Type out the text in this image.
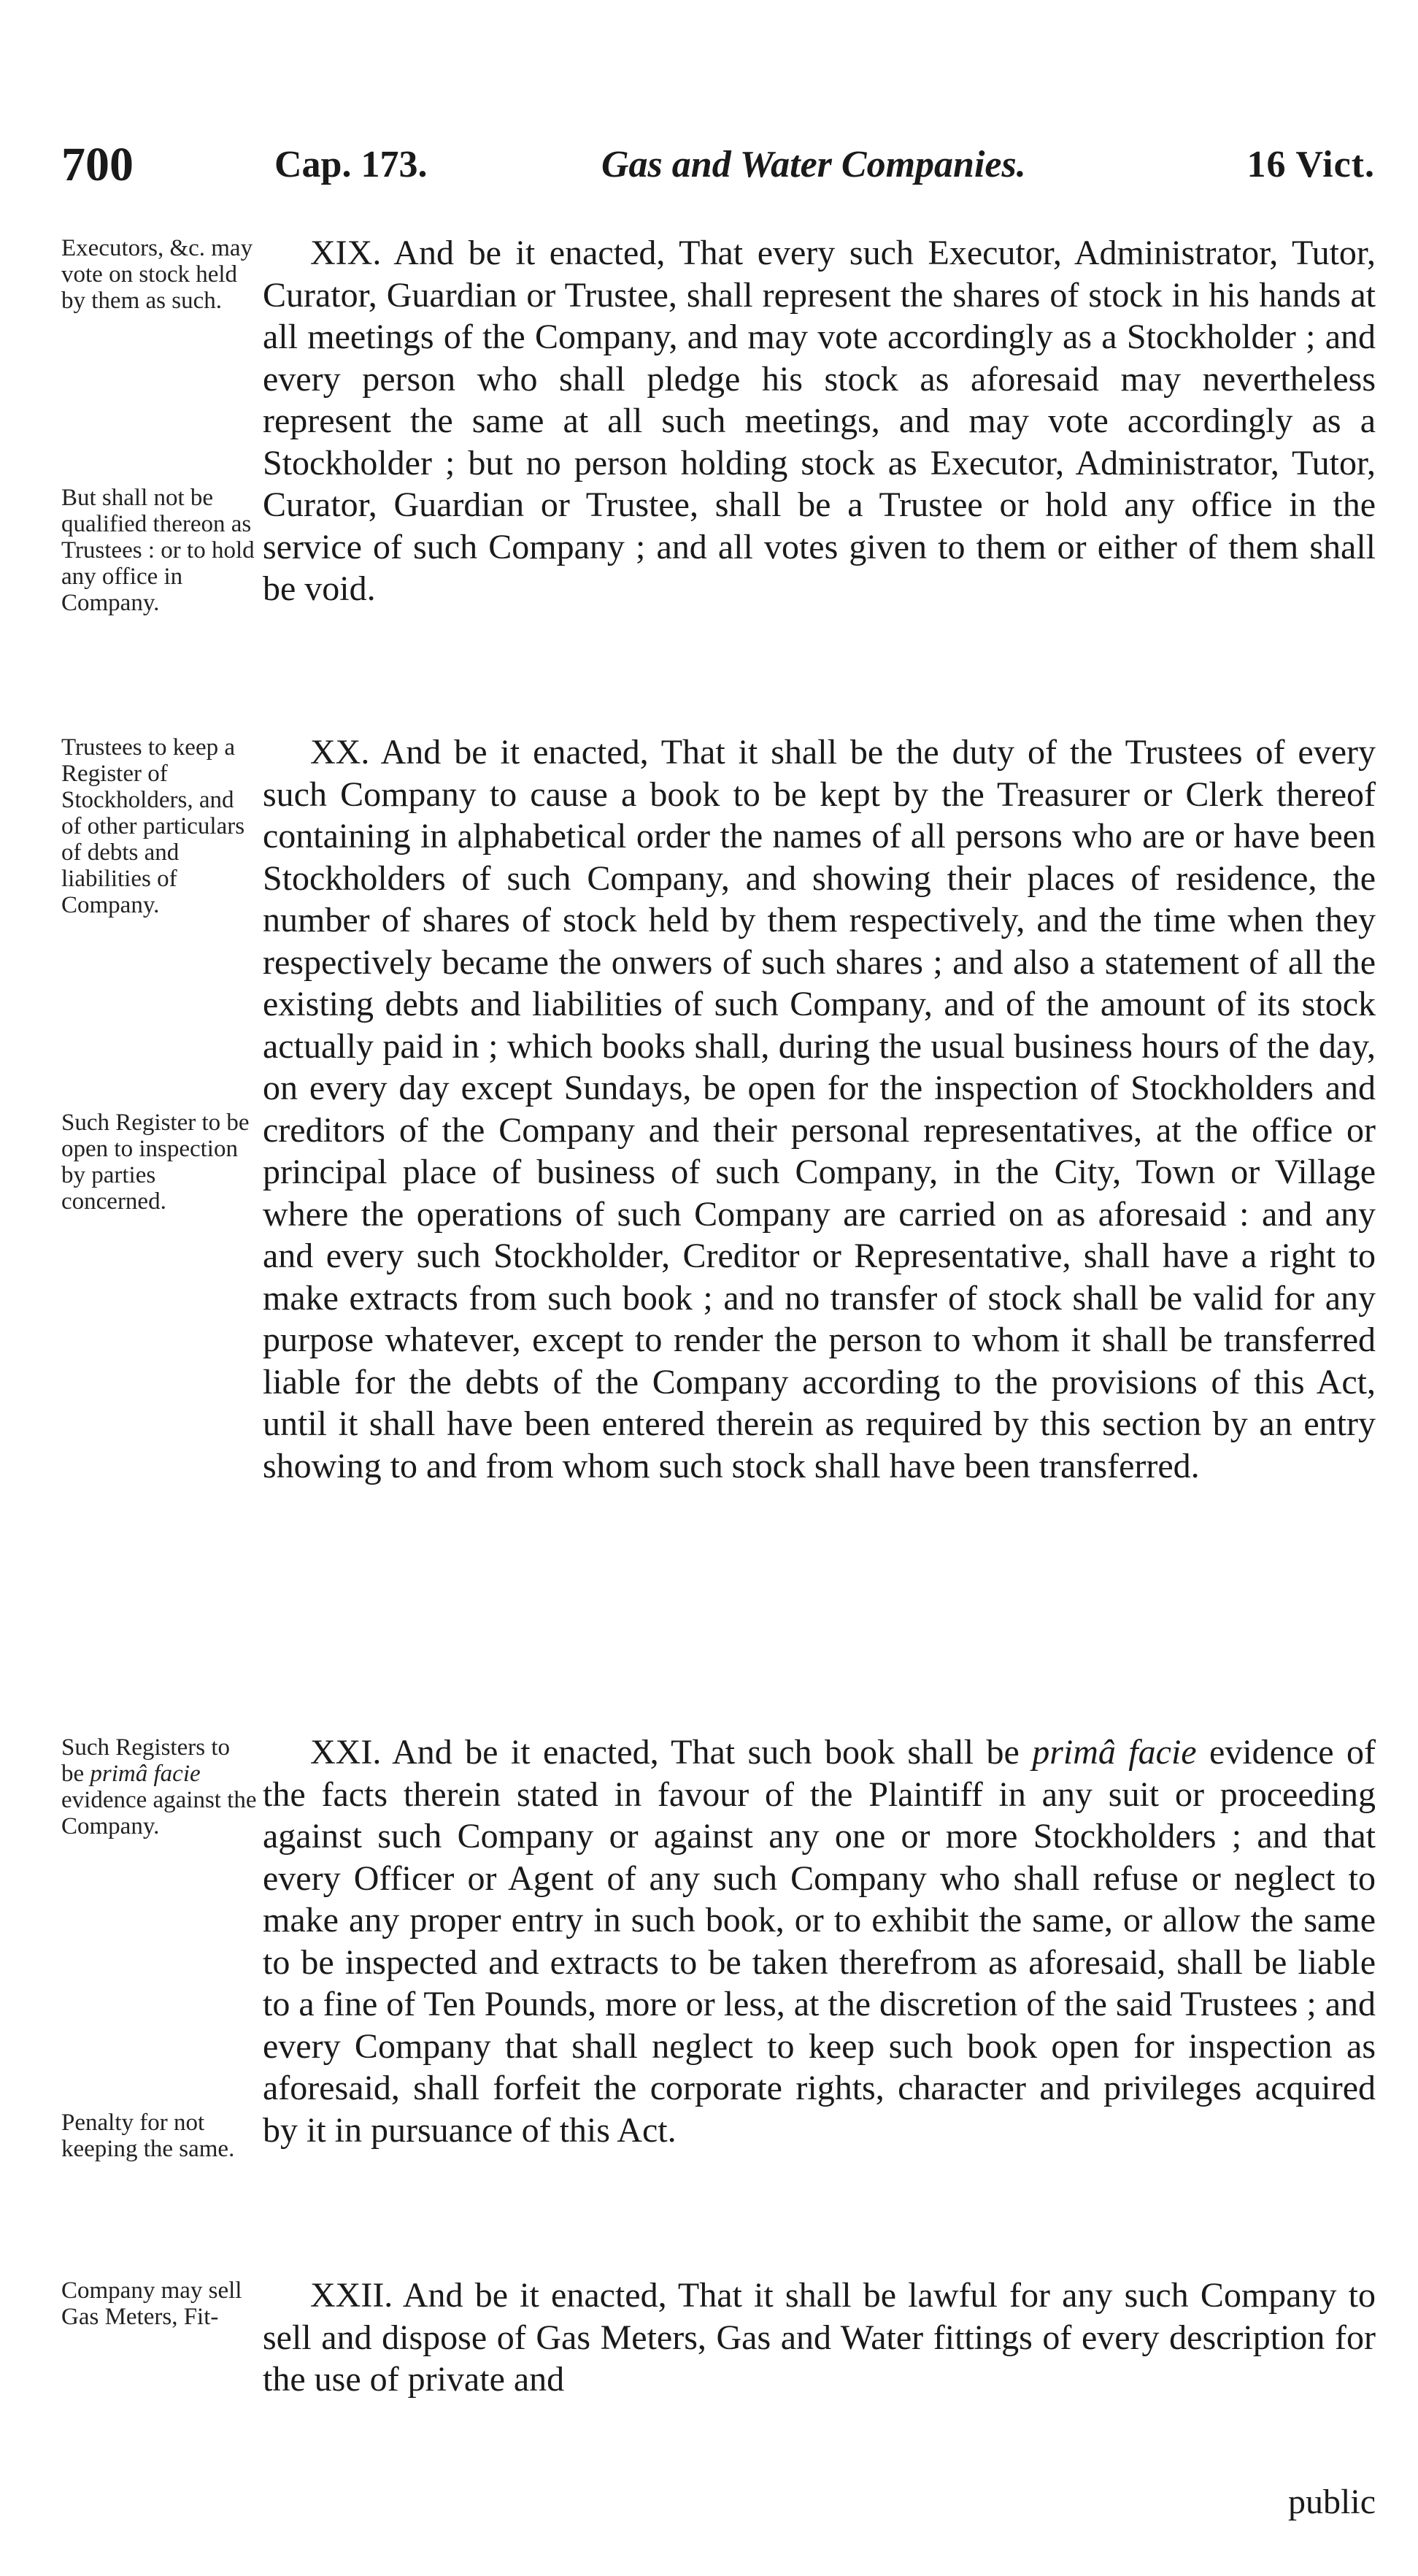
700	Cap. 173.	Gas and Water Companies.	16 Vict.
Executors, &c. may vote on stock held by them as such.
But shall not be qualified thereon as Trustees : or to hold any office in Company.
Trustees to keep a Register of Stockholders, and of other particulars of debts and liabilities of Company.
Such Register to be open to inspection by parties concerned.
Such Registers to be primâ facie evidence against the Company.
Penalty for not keeping the same.
Company may sell Gas Meters, Fit-
XIX. And be it enacted, That every such Executor, Administrator, Tutor, Curator, Guardian or Trustee, shall represent the shares of stock in his hands at all meetings of the Company, and may vote accordingly as a Stockholder ; and every person who shall pledge his stock as aforesaid may nevertheless represent the same at all such meetings, and may vote accordingly as a Stockholder ; but no person holding stock as Executor, Administrator, Tutor, Curator, Guardian or Trustee, shall be a Trustee or hold any office in the service of such Company ; and all votes given to them or either of them shall be void.
XX. And be it enacted, That it shall be the duty of the Trustees of every such Company to cause a book to be kept by the Treasurer or Clerk thereof containing in alphabetical order the names of all persons who are or have been Stockholders of such Company, and showing their places of residence, the number of shares of stock held by them respectively, and the time when they respectively became the onwers of such shares ; and also a statement of all the existing debts and liabilities of such Company, and of the amount of its stock actually paid in ; which books shall, during the usual business hours of the day, on every day except Sundays, be open for the inspection of Stockholders and creditors of the Company and their personal representatives, at the office or principal place of business of such Company, in the City, Town or Village where the operations of such Company are carried on as aforesaid : and any and every such Stockholder, Creditor or Representative, shall have a right to make extracts from such book ; and no transfer of stock shall be valid for any purpose whatever, except to render the person to whom it shall be transferred liable for the debts of the Company according to the provisions of this Act, until it shall have been entered therein as required by this section by an entry showing to and from whom such stock shall have been transferred.
XXI. And be it enacted, That such book shall be primâ facie evidence of the facts therein stated in favour of the Plaintiff in any suit or proceeding against such Company or against any one or more Stockholders ; and that every Officer or Agent of any such Company who shall refuse or neglect to make any proper entry in such book, or to exhibit the same, or allow the same to be inspected and extracts to be taken therefrom as aforesaid, shall be liable to a fine of Ten Pounds, more or less, at the discretion of the said Trustees ; and every Company that shall neglect to keep such book open for inspection as aforesaid, shall forfeit the corporate rights, character and privileges acquired by it in pursuance of this Act.
XXII. And be it enacted, That it shall be lawful for any such Company to sell and dispose of Gas Meters, Gas and Water fittings of every description for the use of private and
public
